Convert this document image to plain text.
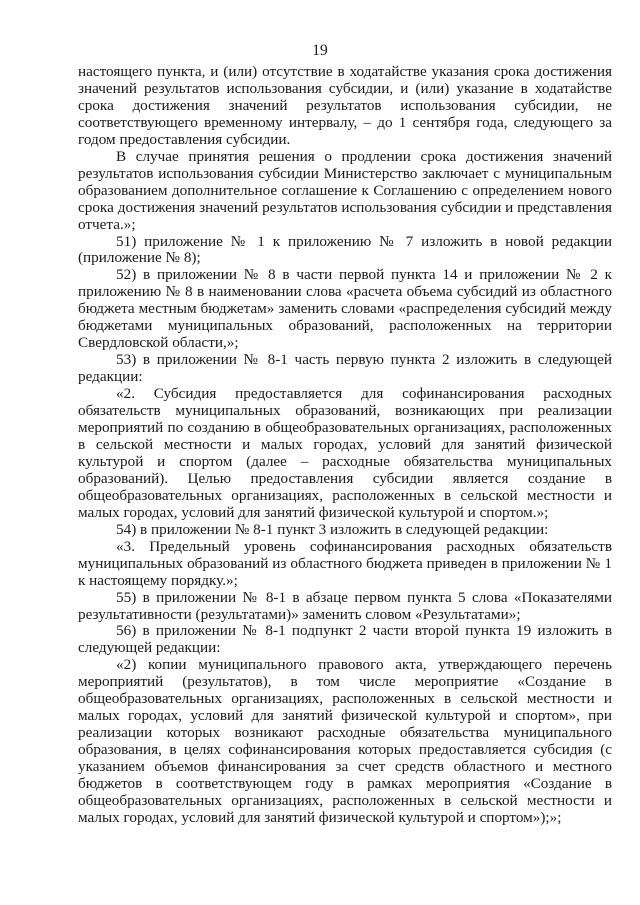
19

настоящего пункта, и (или) отсутствие в ходатайстве указания срока достижения значений результатов использования субсидии, и (или) указание в ходатайстве срока достижения значений результатов использования субсидии, не соответствующего временному интервалу, – до 1 сентября года, следующего за годом предоставления субсидии.

В случае принятия решения о продлении срока достижения значений результатов использования субсидии Министерство заключает с муниципальным образованием дополнительное соглашение к Соглашению с определением нового срока достижения значений результатов использования субсидии и представления отчета.»;

51) приложение № 1 к приложению № 7 изложить в новой редакции (приложение № 8);

52) в приложении № 8 в части первой пункта 14 и приложении № 2 к приложению № 8 в наименовании слова «расчета объема субсидий из областного бюджета местным бюджетам» заменить словами «распределения субсидий между бюджетами муниципальных образований, расположенных на территории Свердловской области,»;

53) в приложении № 8-1 часть первую пункта 2 изложить в следующей редакции:

«2. Субсидия предоставляется для софинансирования расходных обязательств муниципальных образований, возникающих при реализации мероприятий по созданию в общеобразовательных организациях, расположенных в сельской местности и малых городах, условий для занятий физической культурой и спортом (далее – расходные обязательства муниципальных образований). Целью предоставления субсидии является создание в общеобразовательных организациях, расположенных в сельской местности и малых городах, условий для занятий физической культурой и спортом.»;

54) в приложении № 8-1 пункт 3 изложить в следующей редакции:

«3. Предельный уровень софинансирования расходных обязательств муниципальных образований из областного бюджета приведен в приложении № 1 к настоящему порядку.»;

55) в приложении № 8-1 в абзаце первом пункта 5 слова «Показателями результативности (результатами)» заменить словом «Результатами»;

56) в приложении № 8-1 подпункт 2 части второй пункта 19 изложить в следующей редакции:

«2) копии муниципального правового акта, утверждающего перечень мероприятий (результатов), в том числе мероприятие «Создание в общеобразовательных организациях, расположенных в сельской местности и малых городах, условий для занятий физической культурой и спортом», при реализации которых возникают расходные обязательства муниципального образования, в целях софинансирования которых предоставляется субсидия (с указанием объемов финансирования за счет средств областного и местного бюджетов в соответствующем году в рамках мероприятия «Создание в общеобразовательных организациях, расположенных в сельской местности и малых городах, условий для занятий физической культурой и спортом»);»;
